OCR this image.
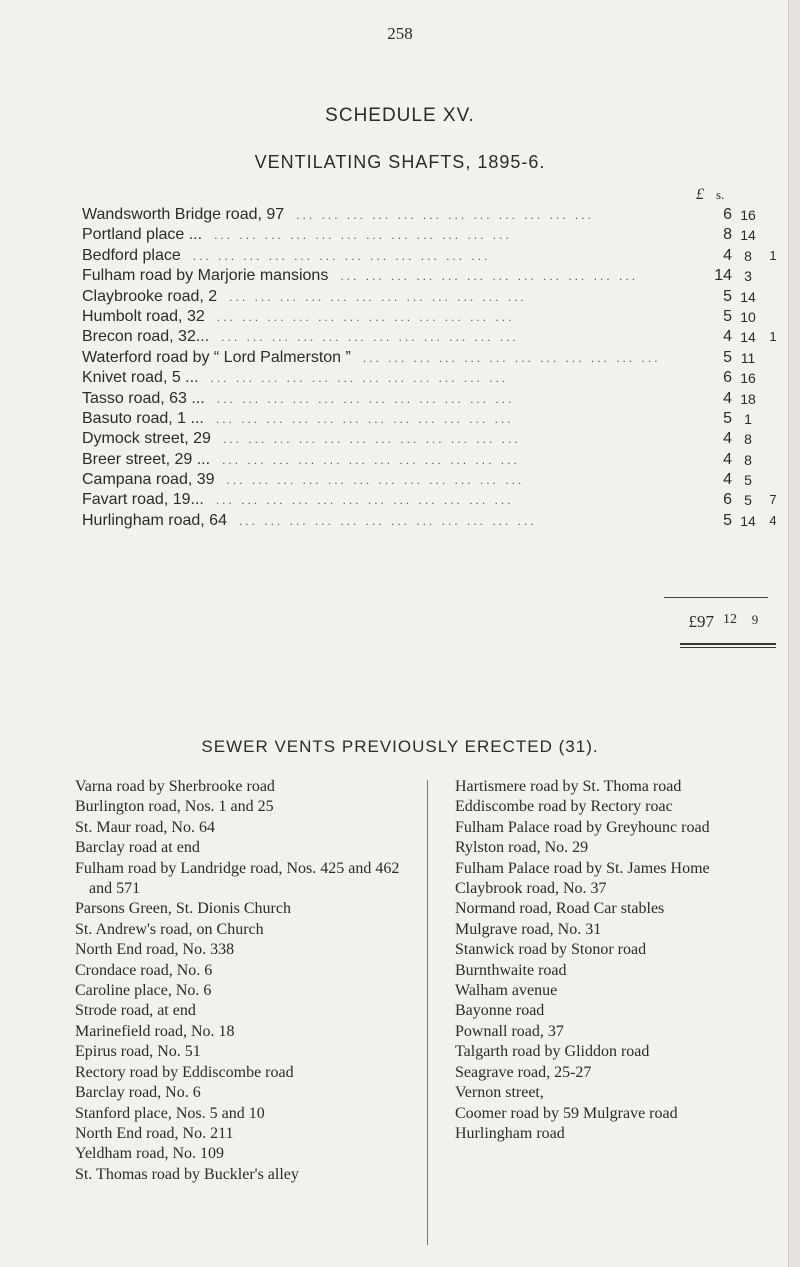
258
SCHEDULE XV.
VENTILATING SHAFTS, 1895-6.
£ s.
Wandsworth Bridge road, 97	... ... ... ... ... ... ... ... ... ... ... ...	6 16
Portland place ...	... ... ... ... ... ... ... ... ... ... ... ...	8 14
Bedford place	... ... ... ... ... ... ... ... ... ... ... ...	4 8	1
Fulham road by Marjorie mansions	... ... ... ... ... ... ... ... ... ... ... ...	14 3
Claybrooke road, 2	... ... ... ... ... ... ... ... ... ... ... ...	5 14
Humbolt road, 32	... ... ... ... ... ... ... ... ... ... ... ...	5 10
Brecon road, 32...	... ... ... ... ... ... ... ... ... ... ... ...	4 14	1
Waterford road by “ Lord Palmerston ”	... ... ... ... ... ... ... ... ... ... ... ...	5 11
Knivet road, 5 ...	... ... ... ... ... ... ... ... ... ... ... ...	6 16
Tasso road, 63 ...	... ... ... ... ... ... ... ... ... ... ... ...	4 18
Basuto road, 1 ...	... ... ... ... ... ... ... ... ... ... ... ...	5 1
Dymock street, 29	... ... ... ... ... ... ... ... ... ... ... ...	4 8
Breer street, 29 ...	... ... ... ... ... ... ... ... ... ... ... ...	4 8
Campana road, 39	... ... ... ... ... ... ... ... ... ... ... ...	4 5
Favart road, 19...	... ... ... ... ... ... ... ... ... ... ... ...	6 5	7
Hurlingham road, 64	... ... ... ... ... ... ... ... ... ... ... ...	5 14	4
£97 12	9
SEWER VENTS PREVIOUSLY ERECTED (31).
Varna road by Sherbrooke road
Burlington road, Nos. 1 and 25
St. Maur road, No. 64
Barclay road at end
Fulham road by Landridge road, Nos. 425 and 462 and 571
Parsons Green, St. Dionis Church
St. Andrew's road, on Church
North End road, No. 338
Crondace road, No. 6
Caroline place, No. 6
Strode road, at end
Marinefield road, No. 18
Epirus road, No. 51
Rectory road by Eddiscombe road
Barclay road, No. 6
Stanford place, Nos. 5 and 10
North End road, No. 211
Yeldham road, No. 109
St. Thomas road by Buckler's alley
Hartismere road by St. Thoma road
Eddiscombe road by Rectory roac
Fulham Palace road by Greyhounc road
Rylston road, No. 29
Fulham Palace road by St. James Home
Claybrook road, No. 37
Normand road, Road Car stables
Mulgrave road, No. 31
Stanwick road by Stonor road
Burnthwaite road
Walham avenue
Bayonne road
Pownall road, 37
Talgarth road by Gliddon road
Seagrave road, 25-27
Vernon street,
Coomer road by 59 Mulgrave road
Hurlingham road
